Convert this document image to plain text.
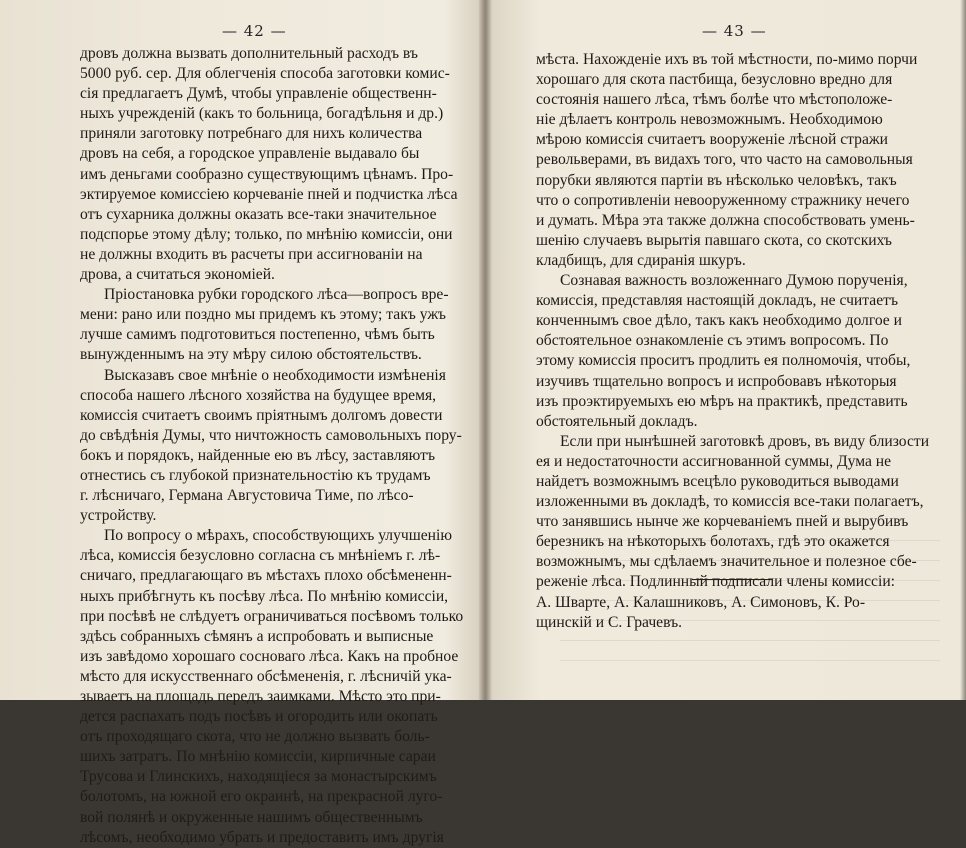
— 42 —
дровъ должна вызвать дополнительный расходъ въ
5000 руб. сер. Для облегченія способа заготовки комис-
сія предлагаетъ Думѣ, чтобы управленіе общественн-
ныхъ учрежденій (какъ то больница, богадѣльня и др.)
приняли заготовку потребнаго для нихъ количества
дровъ на себя, а городское управленіе выдавало бы
имъ деньгами сообразно существующимъ цѣнамъ. Про-
эктируемое комиссіею корчеваніе пней и подчистка лѣса
отъ сухарника должны оказать все-таки значительное
подспорье этому дѣлу; только, по мнѣнію комиссіи, они
не должны входить въ расчеты при ассигнованіи на
дрова, а считаться экономіей.
Пріостановка рубки городского лѣса—вопросъ вре-
мени: рано или поздно мы придемъ къ этому; такъ ужъ
лучше самимъ подготовиться постепенно, чѣмъ быть
вынужденнымъ на эту мѣру силою обстоятельствъ.
Высказавъ свое мнѣніе о необходимости измѣненія
способа нашего лѣсного хозяйства на будущее время,
комиссія считаетъ своимъ пріятнымъ долгомъ довести
до свѣдѣнія Думы, что ничтожность самовольныхъ пору-
бокъ и порядокъ, найденные ею въ лѣсу, заставляютъ
отнестись съ глубокой признательностію къ трудамъ
г. лѣсничаго, Германа Августовича Тиме, по лѣсо-
устройству.
По вопросу о мѣрахъ, способствующихъ улучшенію
лѣса, комиссія безусловно согласна съ мнѣніемъ г. лѣ-
сничаго, предлагающаго въ мѣстахъ плохо обсѣмененн-
ныхъ прибѣгнуть къ посѣву лѣса. По мнѣнію комиссіи,
при посѣвѣ не слѣдуетъ ограничиваться посѣвомъ только
здѣсь собранныхъ сѣмянъ а испробовать и выписные
изъ завѣдомо хорошаго сосноваго лѣса. Какъ на пробное
мѣсто для искусственнаго обсѣмененія, г. лѣсничій ука-
зываетъ на площадь передъ заимками. Мѣсто это при-
дется распахать подъ посѣвъ и огородить или окопать
отъ проходящаго скота, что не должно вызвать боль-
шихъ затратъ. По мнѣнію комиссіи, кирпичные сараи
Трусова и Глинскихъ, находящіеся за монастырскимъ
болотомъ, на южной его окраинѣ, на прекрасной луго-
вой полянѣ и окруженные нашимъ общественнымъ
лѣсомъ, необходимо убрать и предоставить имъ другія
— 43 —
мѣста. Нахожденіе ихъ въ той мѣстности, по-мимо порчи
хорошаго для скота пастбища, безусловно вредно для
состоянія нашего лѣса, тѣмъ болѣе что мѣстоположе-
ніе дѣлаетъ контроль невозможнымъ. Необходимою
мѣрою комиссія считаетъ вооруженіе лѣсной стражи
револьверами, въ видахъ того, что часто на самовольныя
порубки являются партіи въ нѣсколько человѣкъ, такъ
что о сопротивленіи невооруженному стражнику нечего
и думать. Мѣра эта также должна способствовать умень-
шенію случаевъ вырытія павшаго скота, со скотскихъ
кладбищъ, для сдиранія шкуръ.
Сознавая важность возложеннаго Думою порученія,
комиссія, представляя настоящій докладъ, не считаетъ
конченнымъ свое дѣло, такъ какъ необходимо долгое и
обстоятельное ознакомленіе съ этимъ вопросомъ. По
этому комиссія проситъ продлить ея полномочія, чтобы,
изучивъ тщательно вопросъ и испробовавъ нѣкоторыя
изъ проэктируемыхъ ею мѣръ на практикѣ, представить
обстоятельный докладъ.
Если при нынѣшней заготовкѣ дровъ, въ виду близости
ея и недостаточности ассигнованной суммы, Дума не
найдетъ возможнымъ всецѣло руководиться выводами
изложенными въ докладѣ, то комиссія все-таки полагаетъ,
что занявшись нынче же корчеваніемъ пней и вырубивъ
березникъ на нѣкоторыхъ болотахъ, гдѣ это окажется
возможнымъ, мы сдѣлаемъ значительное и полезное сбе-
реженіе лѣса. Подлинный подписали члены комиссіи:
А. Шварте, А. Калашниковъ, А. Симоновъ, К. Ро-
щинскій и С. Грачевъ.
